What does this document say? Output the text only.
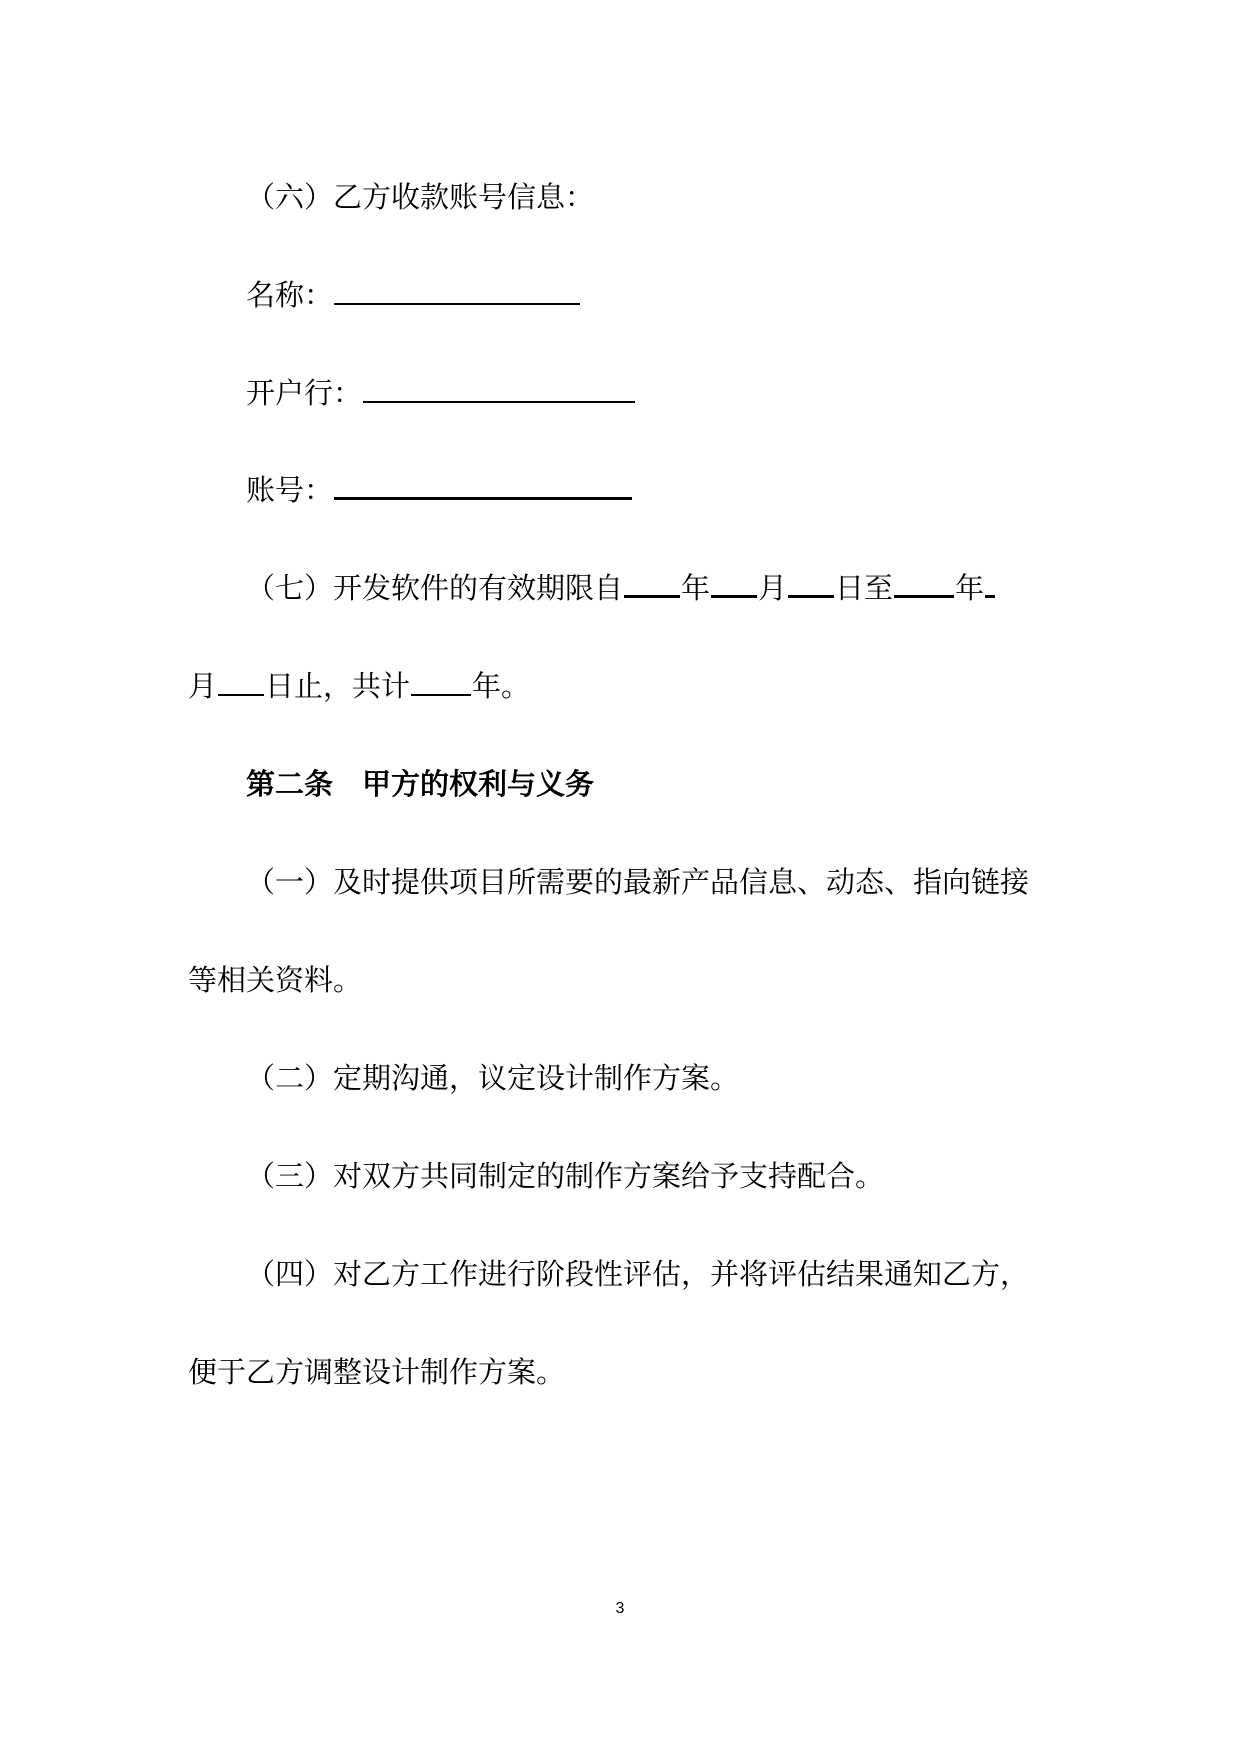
（六）乙方收款账号信息：
名称：
开户行：
账号：
（七）开发软件的有效期限自 年 月 日至 年
月 日止，共计 年。
第二条　甲方的权利与义务
（一）及时提供项目所需要的最新产品信息、动态、指向链接
等相关资料。
（二）定期沟通，议定设计制作方案。
（三）对双方共同制定的制作方案给予支持配合。
（四）对乙方工作进行阶段性评估，并将评估结果通知乙方，
便于乙方调整设计制作方案。
3
